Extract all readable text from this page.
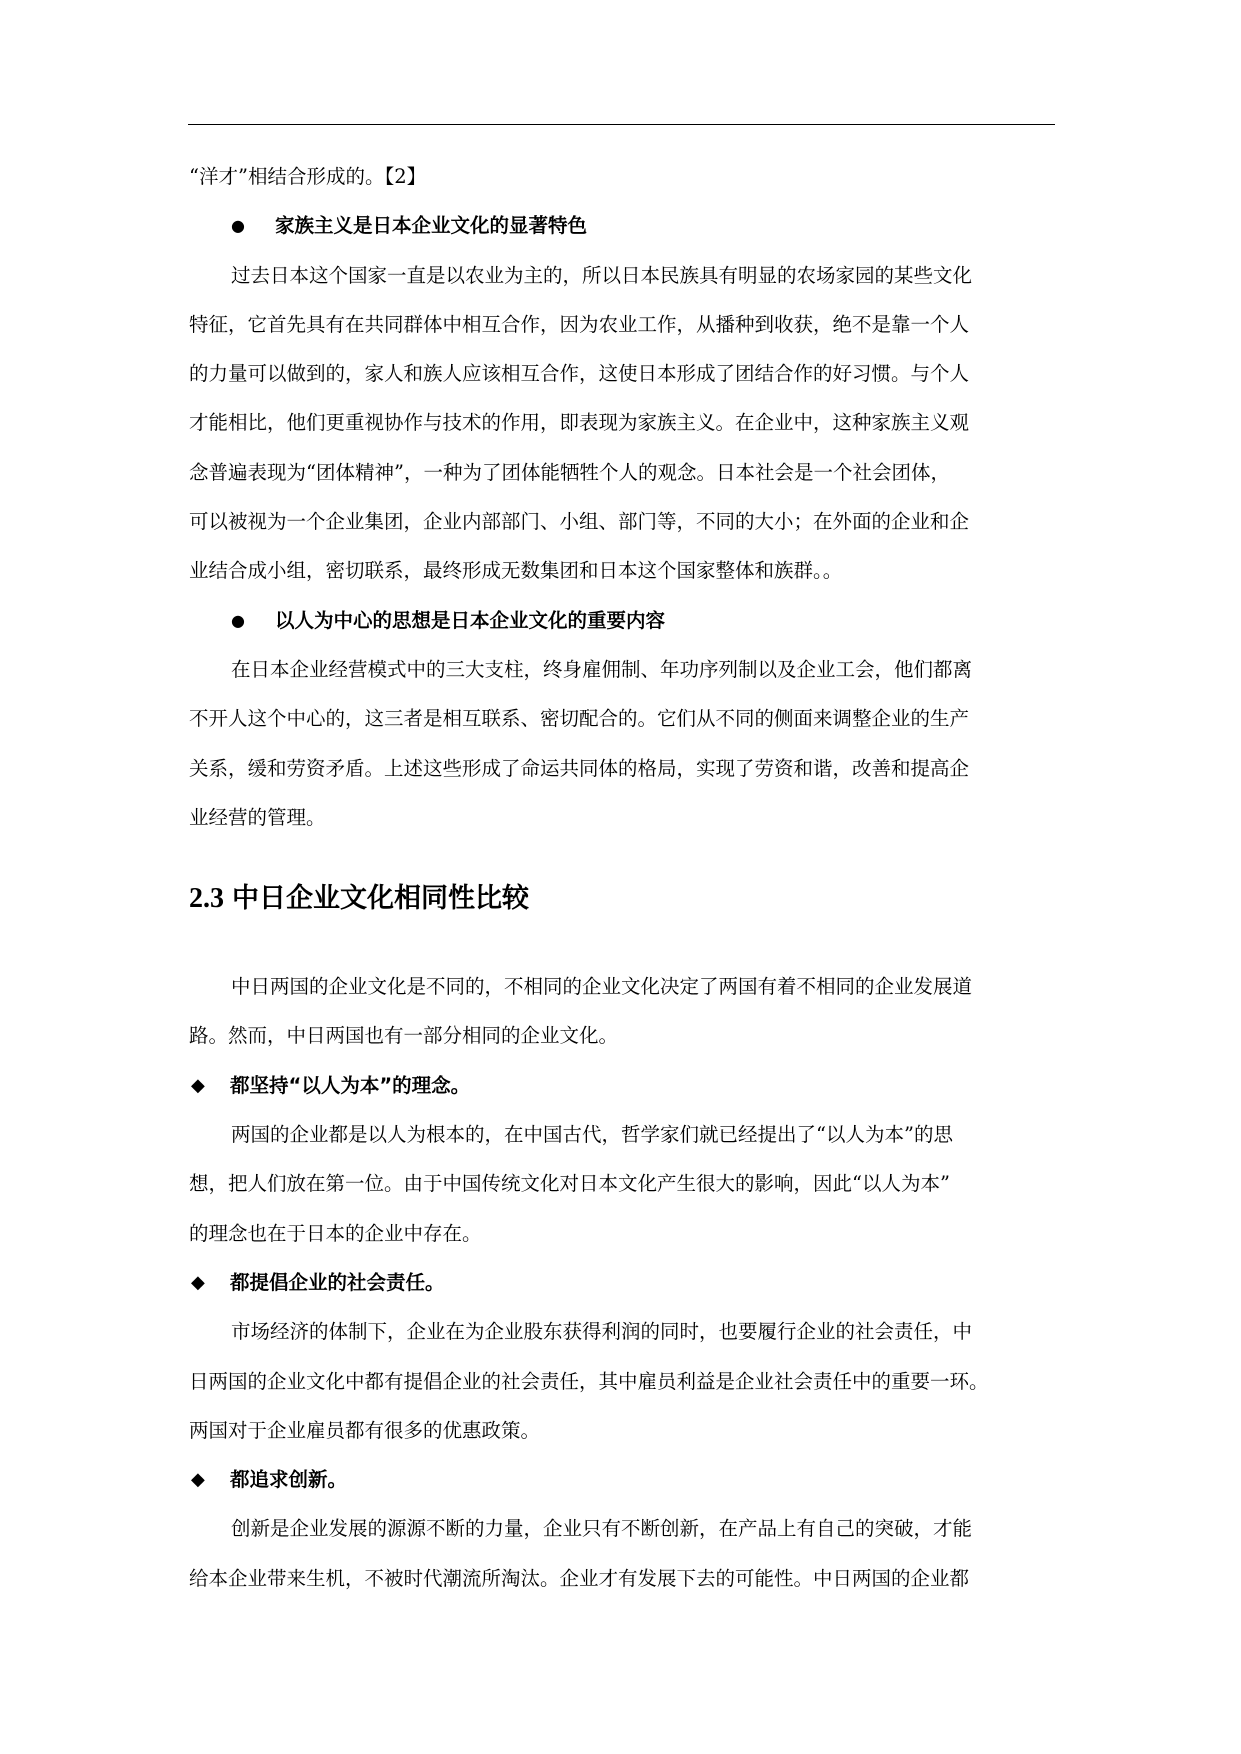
“洋才”相结合形成的。【2】

● 家族主义是日本企业文化的显著特色

过去日本这个国家一直是以农业为主的，所以日本民族具有明显的农场家园的某些文化
特征，它首先具有在共同群体中相互合作，因为农业工作，从播种到收获，绝不是靠一个人
的力量可以做到的，家人和族人应该相互合作，这使日本形成了团结合作的好习惯。与个人
才能相比，他们更重视协作与技术的作用，即表现为家族主义。在企业中，这种家族主义观
念普遍表现为“团体精神”，一种为了团体能牺牲个人的观念。日本社会是一个社会团体，
可以被视为一个企业集团，企业内部部门、小组、部门等，不同的大小；在外面的企业和企
业结合成小组，密切联系，最终形成无数集团和日本这个国家整体和族群。。

● 以人为中心的思想是日本企业文化的重要内容

在日本企业经营模式中的三大支柱，终身雇佣制、年功序列制以及企业工会，他们都离
不开人这个中心的，这三者是相互联系、密切配合的。它们从不同的侧面来调整企业的生产
关系，缓和劳资矛盾。上述这些形成了命运共同体的格局，实现了劳资和谐，改善和提高企
业经营的管理。

2.3 中日企业文化相同性比较

中日两国的企业文化是不同的，不相同的企业文化决定了两国有着不相同的企业发展道
路。然而，中日两国也有一部分相同的企业文化。

◆ 都坚持“以人为本”的理念。

两国的企业都是以人为根本的，在中国古代，哲学家们就已经提出了“以人为本”的思
想，把人们放在第一位。由于中国传统文化对日本文化产生很大的影响，因此“以人为本”
的理念也在于日本的企业中存在。

◆ 都提倡企业的社会责任。

市场经济的体制下，企业在为企业股东获得利润的同时，也要履行企业的社会责任，中
日两国的企业文化中都有提倡企业的社会责任，其中雇员利益是企业社会责任中的重要一环。
两国对于企业雇员都有很多的优惠政策。

◆ 都追求创新。

创新是企业发展的源源不断的力量，企业只有不断创新，在产品上有自己的突破，才能
给本企业带来生机，不被时代潮流所淘汰。企业才有发展下去的可能性。中日两国的企业都
